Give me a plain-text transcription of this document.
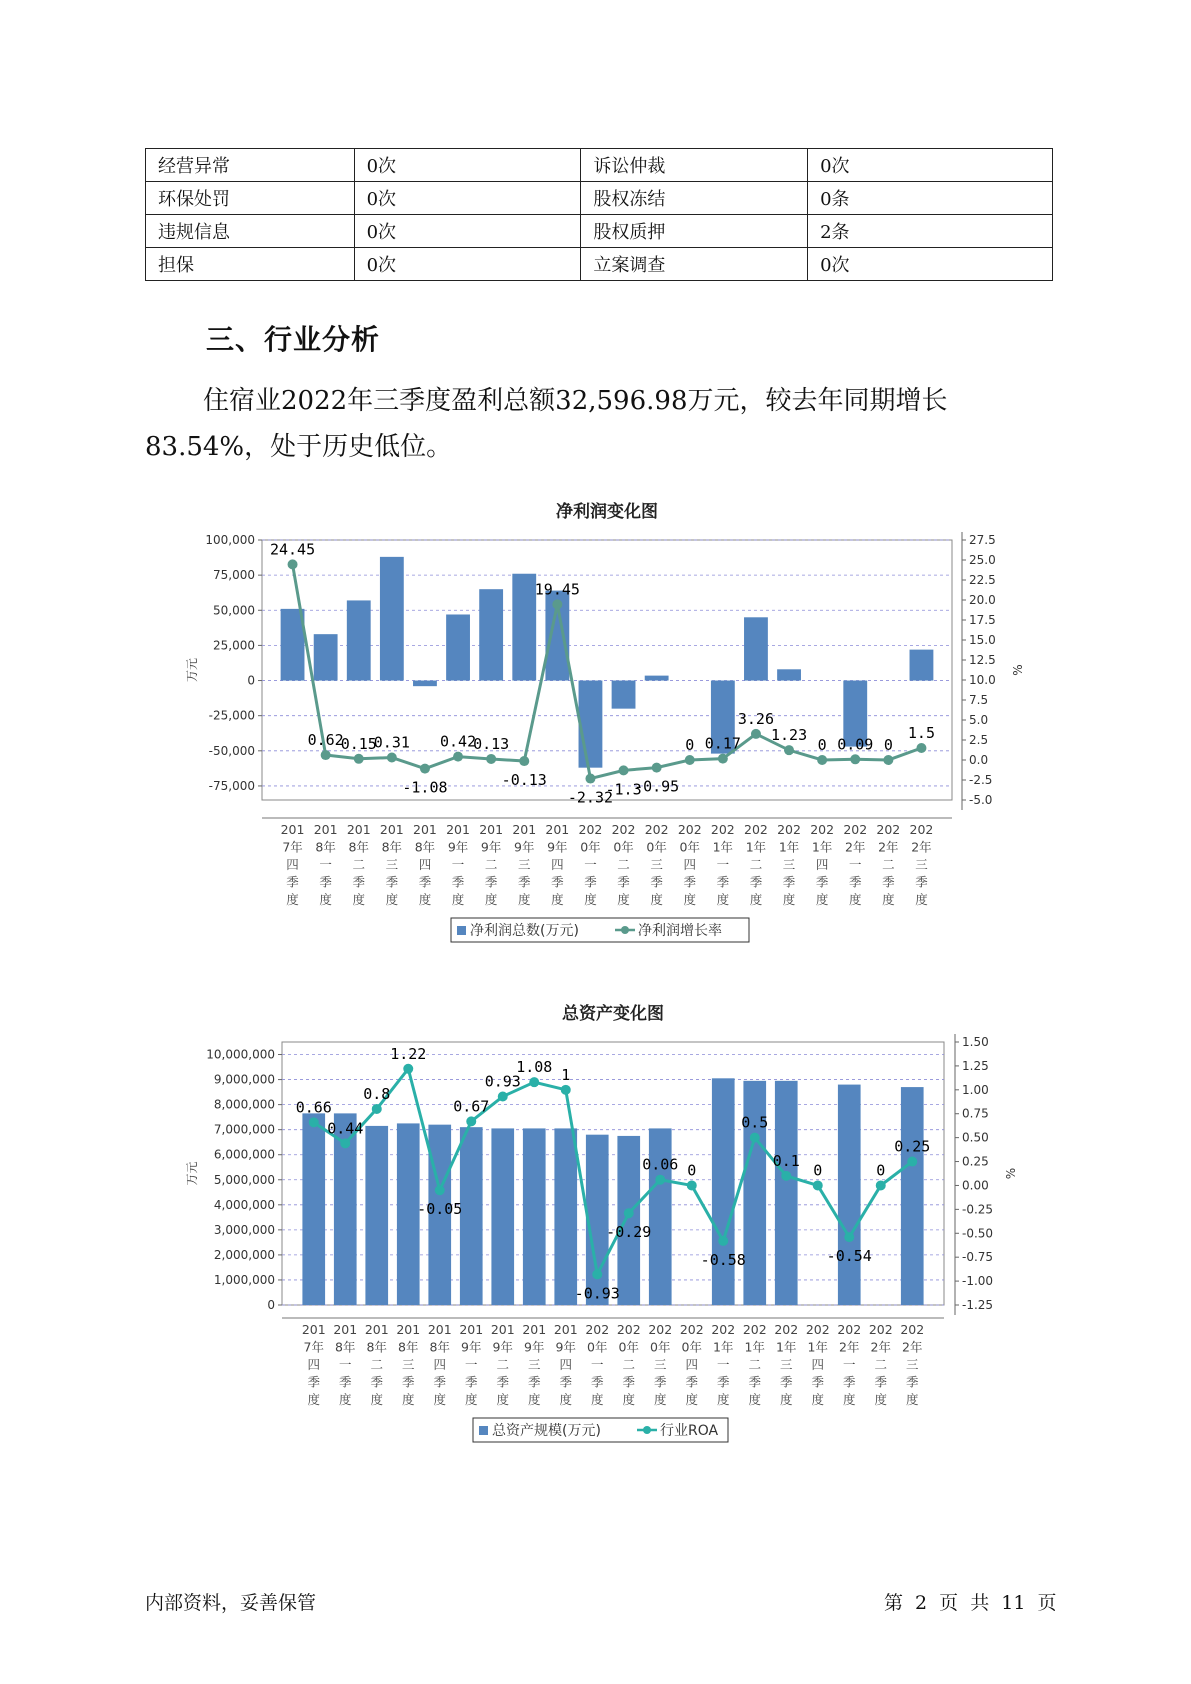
经营异常	0次	诉讼仲裁	0次
环保处罚	0次	股权冻结	0条
违规信息	0次	股权质押	2条
担保	0次	立案调查	0次
三、行业分析
住宿业2022年三季度盈利总额32,596.98万元，较去年同期增长83.54%，处于历史低位。
净利润变化图
-75,000
-50,000
-25,000
0
25,000
50,000
75,000
100,000
-5.0
-2.5
0.0
2.5
5.0
7.5
10.0
12.5
15.0
17.5
20.0
22.5
25.0
27.5
万元	%
24.45
0.62
0.15
0.31
-1.08
0.42
0.13
-0.13
19.45
-2.32
-1.3
-0.95
0 0.17
3.26
1.23
0 0.09 0
1.5
201
7年
四
季
度
201
8年
一
季
度
201
8年
二
季
度
201
8年
三
季
度
201
8年
四
季
度
201
9年
一
季
度
201
9年
二
季
度
201
9年
三
季
度
201
9年
四
季
度
202
0年
一
季
度
202
0年
二
季
度
202
0年
三
季
度
202
0年
四
季
度
202
1年
一
季
度
202
1年
二
季
度
202
1年
三
季
度
202
1年
四
季
度
202
2年
一
季
度
202
2年
二
季
度
202
2年
三
季
度
净利润总数(万元)	净利润增长率
总资产变化图
0
1,000,000
2,000,000
3,000,000
4,000,000
5,000,000
6,000,000
7,000,000
8,000,000
9,000,000
10,000,000
-1.25
-1.00
-0.75
-0.50
-0.25
0.00
0.25
0.50
0.75
1.00
1.25
1.50
万元	%
0.66
0.44
0.8
1.22
-0.05
0.67
0.93
1.08 1
-0.93
-0.29
0.06 0
-0.58
0.5
0.1
0
-0.54
0
0.25
201
7年
四
季
度
201
8年
一
季
度
201
8年
二
季
度
201
8年
三
季
度
201
8年
四
季
度
201
9年
一
季
度
201
9年
二
季
度
201
9年
三
季
度
201
9年
四
季
度
202
0年
一
季
度
202
0年
二
季
度
202
0年
三
季
度
202
0年
四
季
度
202
1年
一
季
度
202
1年
二
季
度
202
1年
三
季
度
202
1年
四
季
度
202
2年
一
季
度
202
2年
二
季
度
202
2年
三
季
度
总资产规模(万元)	行业ROA
内部资料，妥善保管	第 2 页 共 11 页
